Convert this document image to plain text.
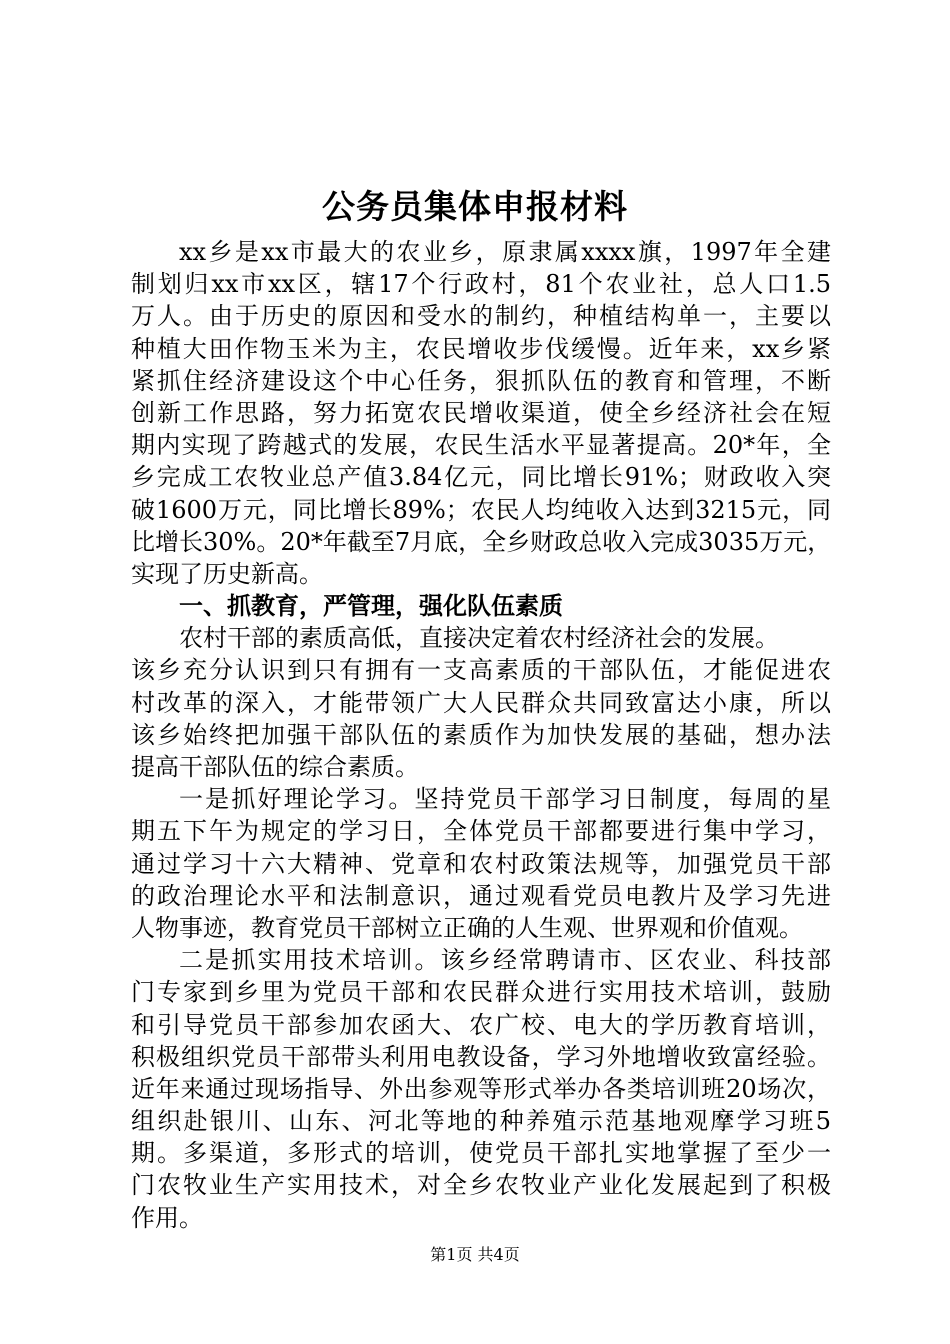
公务员集体申报材料
xx乡是xx市最大的农业乡，原隶属xxxx旗，1997年全建
制划归xx市xx区，辖17个行政村，81个农业社，总人口1.5
万人。由于历史的原因和受水的制约，种植结构单一，主要以
种植大田作物玉米为主，农民增收步伐缓慢。近年来，xx乡紧
紧抓住经济建设这个中心任务，狠抓队伍的教育和管理，不断
创新工作思路，努力拓宽农民增收渠道，使全乡经济社会在短
期内实现了跨越式的发展，农民生活水平显著提高。20*年，全
乡完成工农牧业总产值3.84亿元，同比增长91%；财政收入突
破1600万元，同比增长89%；农民人均纯收入达到3215元，同
比增长30%。20*年截至7月底，全乡财政总收入完成3035万元，
实现了历史新高。
一、抓教育，严管理，强化队伍素质
农村干部的素质高低，直接决定着农村经济社会的发展。
该乡充分认识到只有拥有一支高素质的干部队伍，才能促进农
村改革的深入，才能带领广大人民群众共同致富达小康，所以
该乡始终把加强干部队伍的素质作为加快发展的基础，想办法
提高干部队伍的综合素质。
一是抓好理论学习。坚持党员干部学习日制度，每周的星
期五下午为规定的学习日，全体党员干部都要进行集中学习，
通过学习十六大精神、党章和农村政策法规等，加强党员干部
的政治理论水平和法制意识，通过观看党员电教片及学习先进
人物事迹，教育党员干部树立正确的人生观、世界观和价值观。
二是抓实用技术培训。该乡经常聘请市、区农业、科技部
门专家到乡里为党员干部和农民群众进行实用技术培训，鼓励
和引导党员干部参加农函大、农广校、电大的学历教育培训，
积极组织党员干部带头利用电教设备，学习外地增收致富经验。
近年来通过现场指导、外出参观等形式举办各类培训班20场次，
组织赴银川、山东、河北等地的种养殖示范基地观摩学习班5
期。多渠道，多形式的培训，使党员干部扎实地掌握了至少一
门农牧业生产实用技术，对全乡农牧业产业化发展起到了积极
作用。
第1页 共4页
